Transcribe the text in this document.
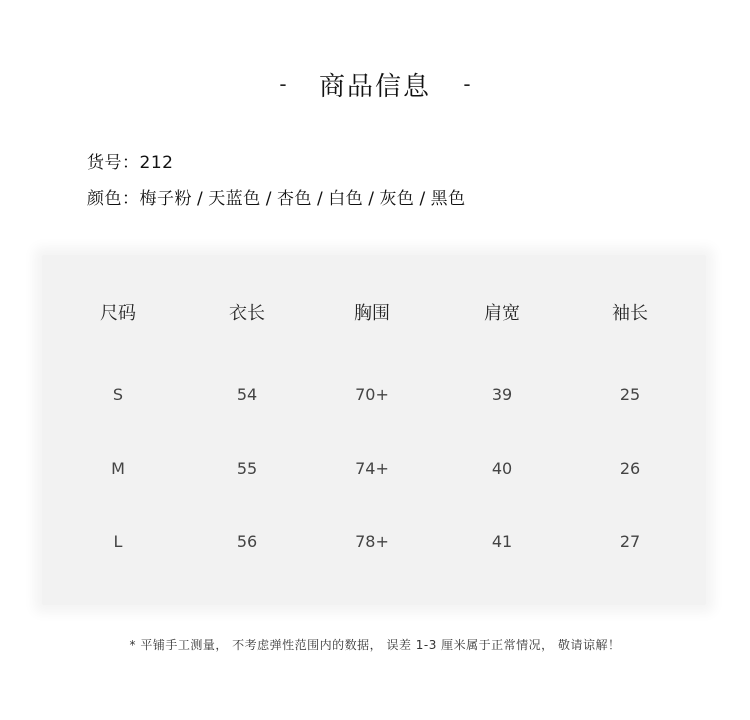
-	商品信息	-
货号：212
颜色：梅子粉 / 天蓝色 / 杏色 / 白色 / 灰色 / 黑色
尺码	衣长	胸围	肩宽	袖长
S	54	70+	39	25
M	55	74+	40	26
L	56	78+	41	27
* 平铺手工测量， 不考虑弹性范围内的数据， 误差 1-3 厘米属于正常情况， 敬请谅解！
